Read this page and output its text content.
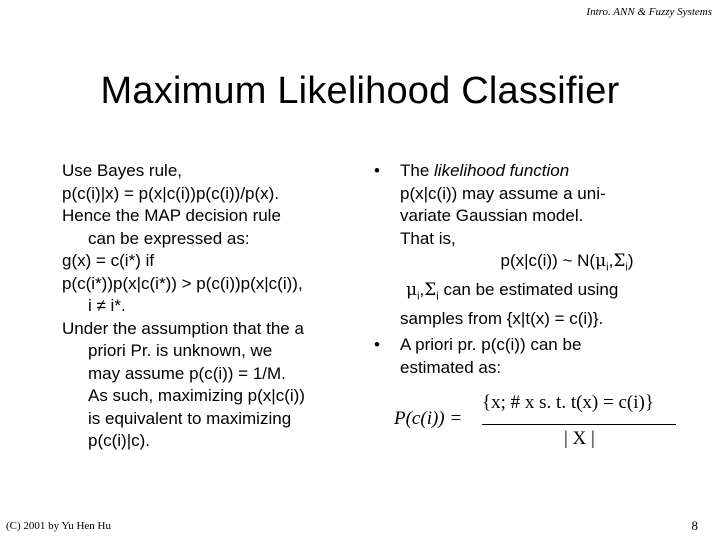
Intro. ANN & Fuzzy Systems
Maximum Likelihood Classifier
Use Bayes rule,
p(c(i)|x) = p(x|c(i))p(c(i))/p(x).
Hence the MAP decision rule
can be expressed as:
g(x) = c(i*) if
p(c(i*))p(x|c(i*)) > p(c(i))p(x|c(i)),
i ≠ i*.
Under the assumption that the a
priori Pr. is unknown, we
may assume p(c(i)) = 1/M.
As such, maximizing p(x|c(i))
is equivalent to maximizing
p(c(i)|c).
• The likelihood function
p(x|c(i)) may assume a uni-
variate Gaussian model.
That is,
p(x|c(i)) ~ $N(\mu_i,\Sigma_i)$
$\mu_i,\Sigma_i$ can be estimated using
samples from {x|t(x) = c(i)}.
• A priori pr. p(c(i)) can be
estimated as:
P(c(i)) =
{x; # x s. t. t(x) = c(i)}
| X |
(C) 2001 by Yu Hen Hu	8
